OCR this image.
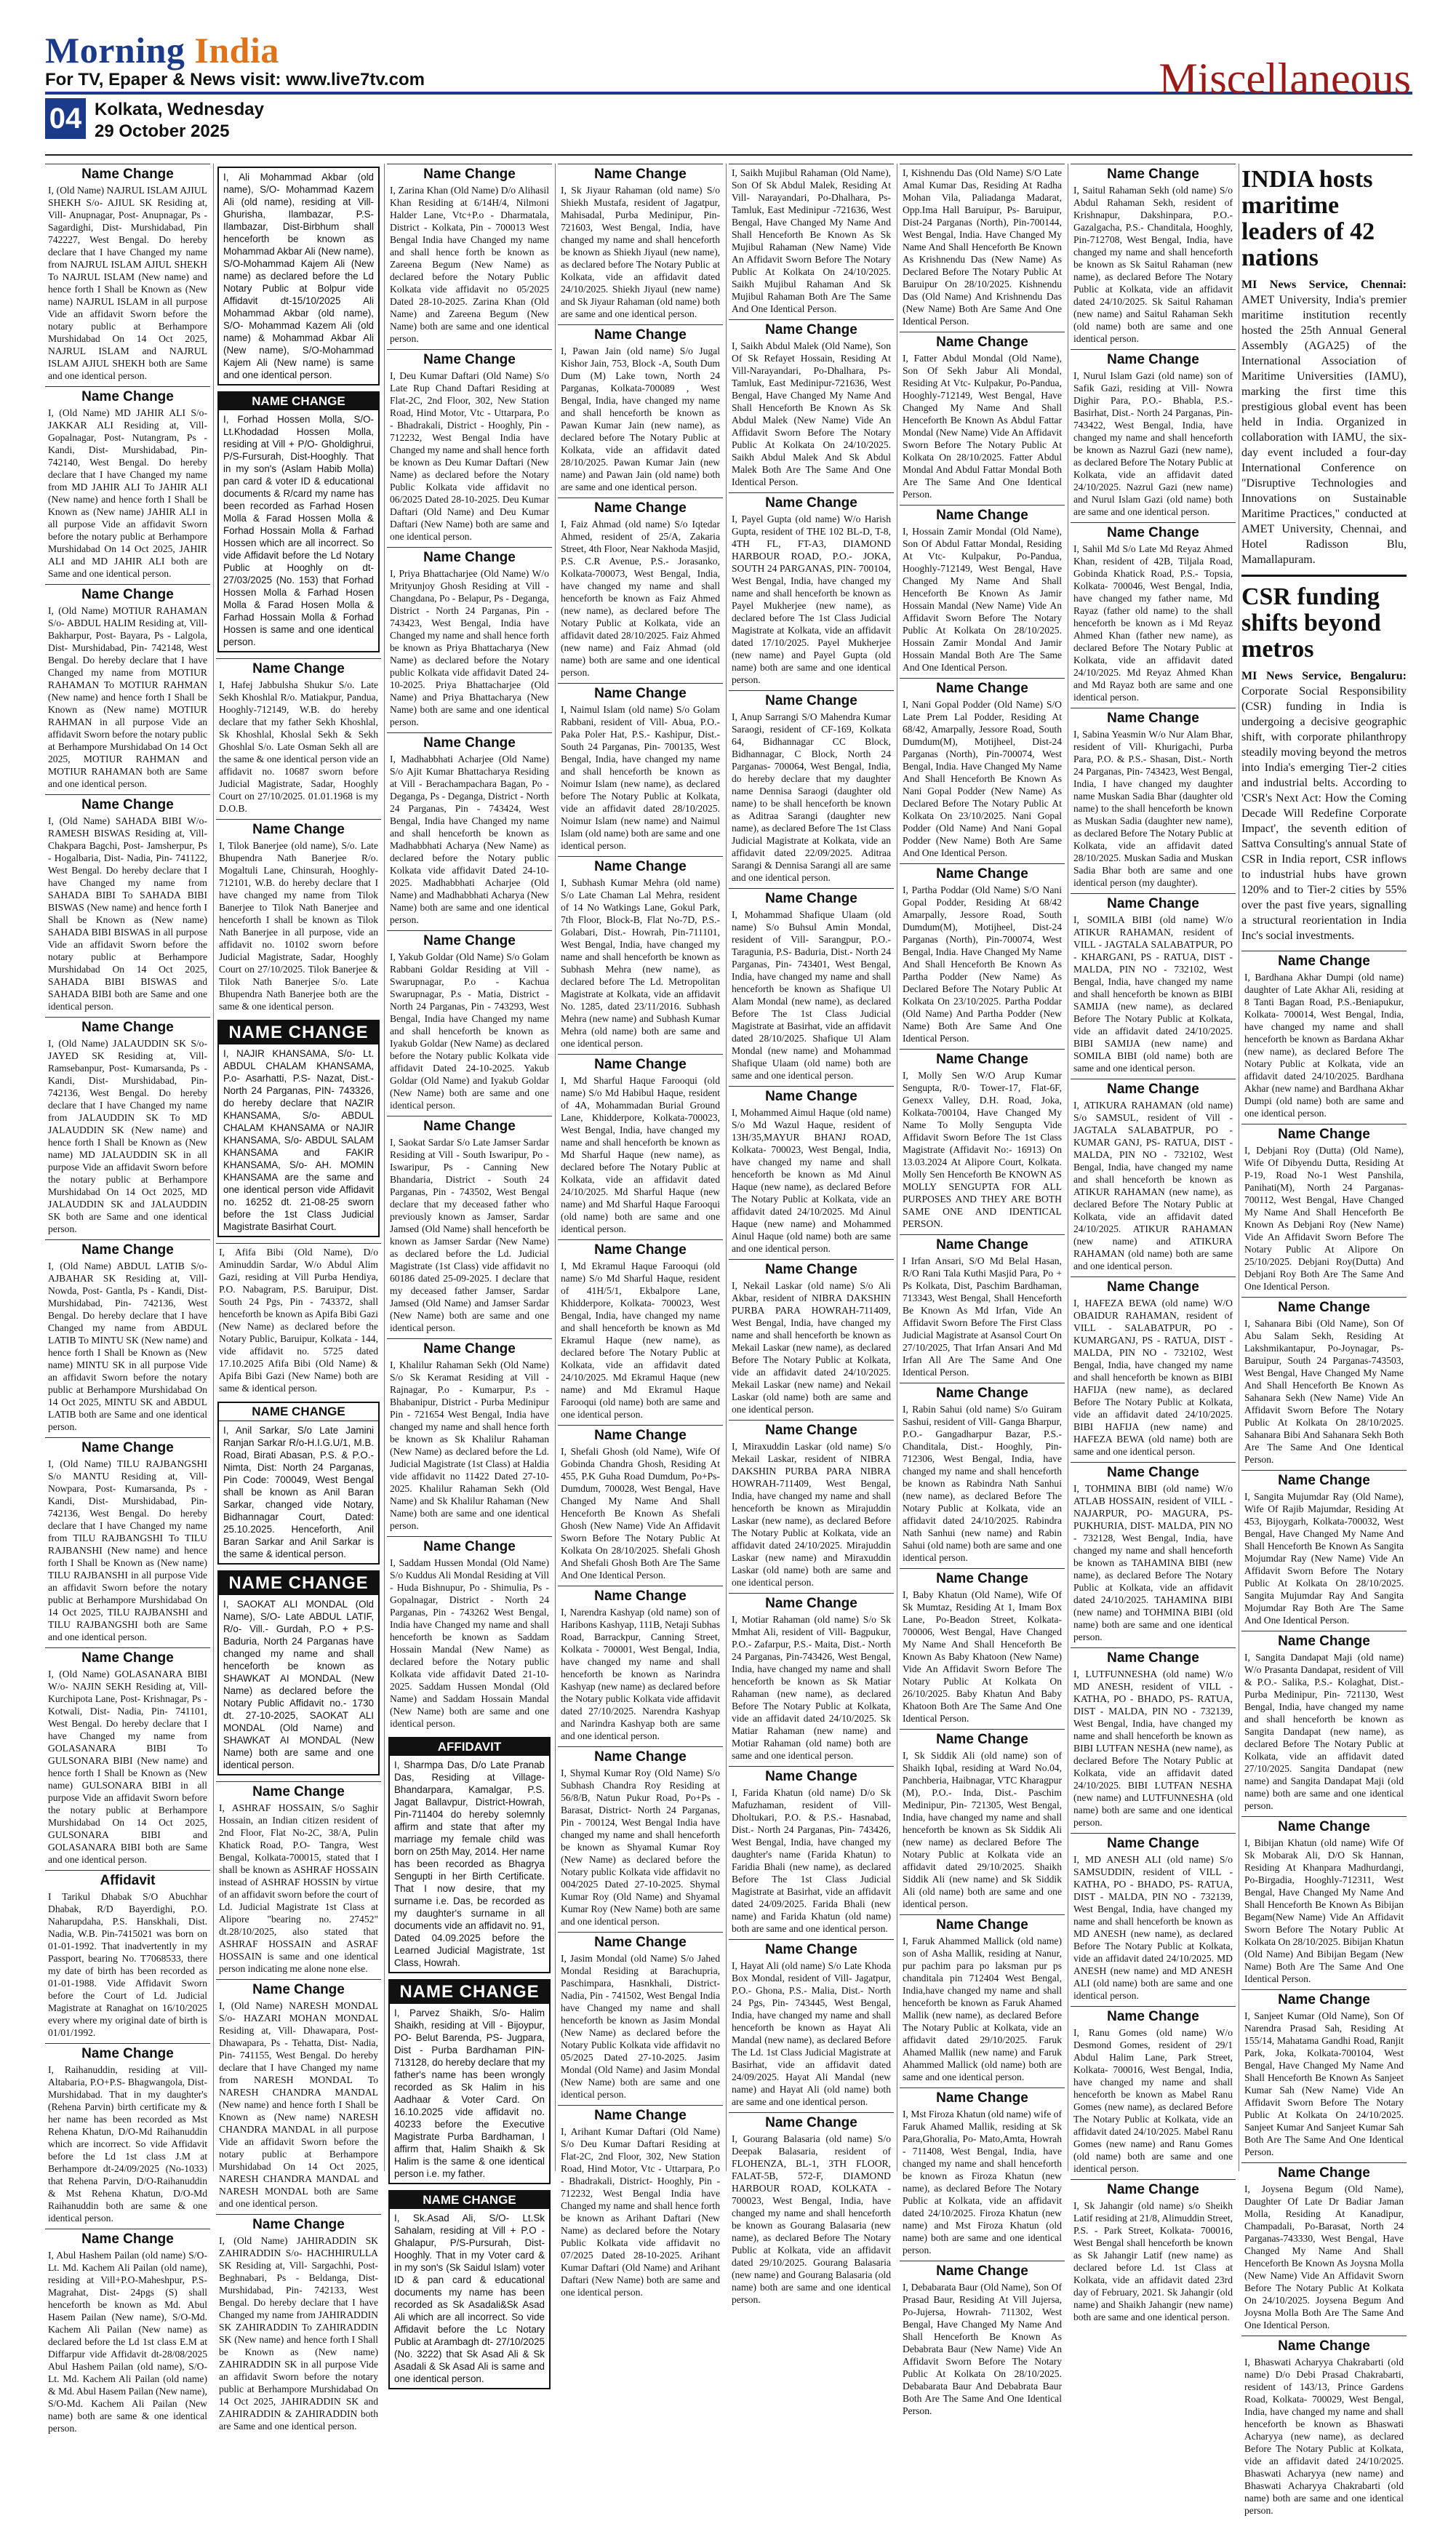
Morning India
For TV, Epaper & News visit: www.live7tv.com
04 Kolkata, Wednesday
29 October 2025
Miscellaneous
Name Change

I, (Old Name) NAJRUL ISLAM AJIUL SHEKH S/o- AJIUL SK Residing at, Vill- Anupnagar, Post- Anupnagar, Ps - Sagardighi, Dist- Murshidabad, Pin 742227, West Bengal. Do hereby declare that I have Changed my name from NAJRUL ISLAM AJIUL SHEKH To NAJRUL ISLAM (New name) and hence forth I Shall be Known as (New name) NAJRUL ISLAM in all purpose Vide an affidavit Sworn before the notary public at Berhampore Murshidabad On 14 Oct 2025, NAJRUL ISLAM and NAJRUL ISLAM AJIUL SHEKH both are Same and one identical person.

Name Change

I, (Old Name) MD JAHIR ALI S/o- JAKKAR ALI Residing at, Vill- Gopalnagar, Post- Nutangram, Ps - Kandi, Dist- Murshidabad, Pin- 742140, West Bengal. Do hereby declare that I have Changed my name from MD JAHIR ALI To JAHIR ALI (New name) and hence forth I Shall be Known as (New name) JAHIR ALI in all purpose Vide an affidavit Sworn before the notary public at Berhampore Murshidabad On 14 Oct 2025, JAHIR ALI and MD JAHIR ALI both are Same and one identical person.

Name Change

I, (Old Name) MOTIUR RAHAMAN S/o- ABDUL HALIM Residing at, Vill- Bakharpur, Post- Bayara, Ps - Lalgola, Dist- Murshidabad, Pin- 742148, West Bengal. Do hereby declare that I have Changed my name from MOTIUR RAHAMAN To MOTIUR RAHMAN (New name) and hence forth I Shall be Known as (New name) MOTIUR RAHMAN in all purpose Vide an affidavit Sworn before the notary public at Berhampore Murshidabad On 14 Oct 2025, MOTIUR RAHMAN and MOTIUR RAHAMAN both are Same and one identical person.

Name Change

I, (Old Name) SAHADA BIBI W/o- RAMESH BISWAS Residing at, Vill- Chakpara Bagchi, Post- Jamsherpur, Ps - Hogalbaria, Dist- Nadia, Pin- 741122, West Bengal. Do hereby declare that I have Changed my name from SAHADA BIBI To SAHADA BIBI BISWAS (New name) and hence forth I Shall be Known as (New name) SAHADA BIBI BISWAS in all purpose Vide an affidavit Sworn before the notary public at Berhampore Murshidabad On 14 Oct 2025, SAHADA BIBI BISWAS and SAHADA BIBI both are Same and one identical person.

Name Change

I, (Old Name) JALAUDDIN SK S/o- JAYED SK Residing at, Vill- Ramsebanpur, Post- Kumarsanda, Ps - Kandi, Dist- Murshidabad, Pin- 742136, West Bengal. Do hereby declare that I have Changed my name from JALAUDDIN SK To MD JALAUDDIN SK (New name) and hence forth I Shall be Known as (New name) MD JALAUDDIN SK in all purpose Vide an affidavit Sworn before the notary public at Berhampore Murshidabad On 14 Oct 2025, MD JALAUDDIN SK and JALAUDDIN SK both are Same and one identical person.

Name Change

I, (Old Name) ABDUL LATIB S/o- AJBAHAR SK Residing at, Vill- Nowda, Post- Gantla, Ps - Kandi, Dist- Murshidabad, Pin- 742136, West Bengal. Do hereby declare that I have Changed my name from ABDUL LATIB To MINTU SK (New name) and hence forth I Shall be Known as (New name) MINTU SK in all purpose Vide an affidavit Sworn before the notary public at Berhampore Murshidabad On 14 Oct 2025, MINTU SK and ABDUL LATIB both are Same and one identical person.

Name Change

I, (Old Name) TILU RAJBANGSHI S/o MANTU Residing at, Vill- Nowpara, Post- Kumarsanda, Ps - Kandi, Dist- Murshidabad, Pin- 742136, West Bengal. Do hereby declare that I have Changed my name from TILU RAJBANGSHI To TILU RAJBANSHI (New name) and hence forth I Shall be Known as (New name) TILU RAJBANSHI in all purpose Vide an affidavit Sworn before the notary public at Berhampore Murshidabad On 14 Oct 2025, TILU RAJBANSHI and TILU RAJBANGSHI both are Same and one identical person.

Name Change

I, (Old Name) GOLASANARA BIBI W/o- NAJIN SEKH Residing at, Vill- Kurchipota Lane, Post- Krishnagar, Ps - Kotwali, Dist- Nadia, Pin- 741101, West Bengal. Do hereby declare that I have Changed my name from GOLASANARA BIBI To GULSONARA BIBI (New name) and hence forth I Shall be Known as (New name) GULSONARA BIBI in all purpose Vide an affidavit Sworn before the notary public at Berhampore Murshidabad On 14 Oct 2025, GULSONARA BIBI and GOLASANARA BIBI both are Same and one identical person.

Affidavit

I Tarikul Dhabak S/O Abuchhar Dhabak, R/D Bayerdighi, P.O. Naharupdaha, P.S. Hanskhali, Dist. Nadia, W.B. Pin-7415021 was born on 01-01-1992. That inadvertently in my Passport, bearing No. T7068533, there my date of birth has been recorded as 01-01-1988. Vide Affidavit Sworn before the Court of Ld. Judicial Magistrate at Ranaghat on 16/10/2025 every where my original date of birth is 01/01/1992.

Name Change

I, Raihanuddin, residing at Vill- Altabaria, P.O+P.S- Bhagwangola, Dist-Murshidabad. That in my daughter's (Rehena Parvin) birth certificate my & her name has been recorded as Mst Rehena Khatun, D/O-Md Raihanuddin which are incorrect. So vide Affidavit before the Ld 1st class J.M at Berhampore dt-24/09/2025 (No-1033) that Rehena Parvin, D/O-Raihanuddin & Mst Rehena Khatun, D/O-Md Raihanuddin both are same & one identical person.

Name Change

I, Abul Hashem Pailan (old name) S/O-Lt. Md. Kachem Ali Pailan (old name), residing at Vill+P.O-Maheshpur, P.S-Magrahat, Dist- 24pgs (S) shall henceforth be known as Md. Abul Hasem Pailan (New name), S/O-Md. Kachem Ali Pailan (New name) as declared before the Ld 1st class E.M at Diffarpur vide Affidavit dt-28/08/2025 Abul Hashem Pailan (old name), S/O-Lt. Md. Kachem Ali Pailan (old name) & Md. Abul Hasem Pailan (New name), S/O-Md. Kachem Ali Pailan (New name) both are same & one identical person.

I, Ali Mohammad Akbar (old name), S/O- Mohammad Kazem Ali (old name), residing at Vill-Ghurisha, Ilambazar, P.S-Ilambazar, Dist-Birbhum shall henceforth be known as Mohammad Akbar Ali (New name), S/O-Mohammad Kajem Ali (New name) as declared before the Ld Notary Public at Bolpur vide Affidavit dt-15/10/2025 Ali Mohammad Akbar (old name), S/O- Mohammad Kazem Ali (old name) & Mohammad Akbar Ali (New name), S/O-Mohammad Kajem Ali (New name) is same and one identical person.
NAME CHANGE
I, Forhad Hossen Molla, S/O- Lt.Khodadad Hossen Molla, residing at Vill + P/O- Gholdighrui, P/S-Fursurah, Dist-Hooghly. That in my son's (Aslam Habib Molla) pan card & voter ID & educational documents & R/card my name has been recorded as Farhad Hosen Molla & Farad Hossen Molla & Forhad Hossain Molla & Farhad Hossen which are all incorrect. So vide Affidavit before the Ld Notary Public at Hooghly on dt-27/03/2025 (No. 153) that Forhad Hossen Molla & Farhad Hosen Molla & Farad Hosen Molla & Farhad Hossain Molla & Forhad Hossen is same and one identical person.
Name Change

I, Hafej Jabbulsha Shukur S/o. Late Sekh Khoshlal R/o. Matiakpur, Pandua, Hooghly-712149, W.B. do hereby declare that my father Sekh Khoshlal, Sk Khoshlal, Khoslal Sekh & Sekh Ghoshlal S/o. Late Osman Sekh all are the same & one identical person vide an affidavit no. 10687 sworn before Judicial Magistrate, Sadar, Hooghly Court on 27/10/2025. 01.01.1968 is my D.O.B.

Name Change

I, Tilok Banerjee (old name), S/o. Late Bhupendra Nath Banerjee R/o. Mogaltuli Lane, Chinsurah, Hooghly-712101, W.B. do hereby declare that I have changed my name from Tilok Banerjee to Tilok Nath Banerjee and henceforth I shall be known as Tilok Nath Banerjee in all purpose, vide an affidavit no. 10102 sworn before Judicial Magistrate, Sadar, Hooghly Court on 27/10/2025. Tilok Banerjee & Tilok Nath Banerjee S/o. Late Bhupendra Nath Banerjee both are the same & one identical person.

NAME CHANGE
I, NAJIR KHANSAMA, S/o- Lt. ABDUL CHALAM KHANSAMA, P.o- Asarhatti, P.S- Nazat, Dist.- North 24 Parganas, PIN- 743326, do hereby declare that NAZIR KHANSAMA, S/o- ABDUL CHALAM KHANSAMA or NAJIR KHANSAMA, S/o- ABDUL SALAM KHANSAMA and FAKIR KHANSAMA, S/o- AH. MOMIN KHANSAMA are the same and one identical person vide Affidavit no. 16252 dt. 21-08-25 sworn before the 1st Class Judicial Magistrate Basirhat Court.

I, Afifa Bibi (Old Name), D/o Aminuddin Sardar, W/o Abdul Alim Gazi, residing at Vill Purba Hendiya, P.O. Nabagram, P.S. Baruipur, Dist. South 24 Pgs, Pin - 743372, shall henceforth be known as Apifa Bibi Gazi (New Name) as declared before the Notary Public, Baruipur, Kolkata - 144, vide affidavit no. 5725 dated 17.10.2025 Afifa Bibi (Old Name) & Apifa Bibi Gazi (New Name) both are same & identical person.

NAME CHANGE
I, Anil Sarkar, S/o Late Jamini Ranjan Sarkar R/o-H.I.G.U/1, M.B. Road, Birati Abasan, P.S. & P.O.-Nimta, Dist: North 24 Parganas, Pin Code: 700049, West Bengal shall be known as Anil Baran Sarkar, changed vide Notary, Bidhannagar Court, Dated: 25.10.2025. Henceforth, Anil Baran Sarkar and Anil Sarkar is the same & identical person.
NAME CHANGE
I, SAOKAT ALI MONDAL (Old Name), S/O- Late ABDUL LATIF, R/o- Vill.- Gurdah, P.O + P.S- Baduria, North 24 Parganas have changed my name and shall henceforth be known as SHAWKAT AI MONDAL (New Name) as declared before the Notary Public Affidavit no.- 1730 dt. 27-10-2025, SAOKAT ALI MONDAL (Old Name) and SHAWKAT AI MONDAL (New Name) both are same and one identical person.
Name Change

I, ASHRAF HOSSAIN, S/o Saghir Hossain, an Indian citizen resident of 2nd Floor, Flat No-2C, 38/A, Pulin Khatick Road, P.O- Tangra, West Bengal, Kolkata-700015, stated that I shall be known as ASHRAF HOSSAIN instead of ASHRAF HOSSIN by virtue of an affidavit sworn before the court of Ld. Judicial Magistrate 1st Class at Alipore "bearing no. 27452" dt.28/10/2025, also stated that ASHRAF HOSSAIN and ASRAF HOSSAIN is same and one identical person indicating me alone none else.

Name Change

I, (Old Name) NARESH MONDAL S/o- HAZARI MOHAN MONDAL Residing at, Vill- Dhawapara, Post- Dhawapara, Ps - Tehatta, Dist- Nadia, Pin- 741155, West Bengal. Do hereby declare that I have Changed my name from NARESH MONDAL To NARESH CHANDRA MANDAL (New name) and hence forth I Shall be Known as (New name) NARESH CHANDRA MANDAL in all purpose Vide an affidavit Sworn before the notary public at Berhampore Murshidabad On 14 Oct 2025, NARESH CHANDRA MANDAL and NARESH MONDAL both are Same and one identical person.

Name Change

I, (Old Name) JAHIRADDIN SK ZAHIRADDIN S/o- HACHHIRULLA SK Residing at, Vill- Sargachhi, Post- Beghnabari, Ps - Beldanga, Dist- Murshidabad, Pin- 742133, West Bengal. Do hereby declare that I have Changed my name from JAHIRADDIN SK ZAHIRADDIN To ZAHIRADDIN SK (New name) and hence forth I Shall be Known as (New name) ZAHIRADDIN SK in all purpose Vide an affidavit Sworn before the notary public at Berhampore Murshidabad On 14 Oct 2025, JAHIRADDIN SK and ZAHIRADDIN & ZAHIRADDIN both are Same and one identical person.

Name Change

I, Zarina Khan (Old Name) D/o Alihasil Khan Residing at 6/14H/4, Nilmoni Halder Lane, Vtc+P.o - Dharmatala, District - Kolkata, Pin - 700013 West Bengal India have Changed my name and shall hence forth be known as Zareena Begum (New Name) as declared before the Notary Public Kolkata vide affidavit no 05/2025 Dated 28-10-2025. Zarina Khan (Old Name) and Zareena Begum (New Name) both are same and one identical person.

Name Change

I, Deu Kumar Daftari (Old Name) S/o Late Rup Chand Daftari Residing at Flat-2C, 2nd Floor, 302, New Station Road, Hind Motor, Vtc - Uttarpara, P.o - Bhadrakali, District - Hooghly, Pin - 712232, West Bengal India have Changed my name and shall hence forth be known as Deu Kumar Daftari (New Name) as declared before the Notary Public Kolkata vide affidavit no 06/2025 Dated 28-10-2025. Deu Kumar Daftari (Old Name) and Deu Kumar Daftari (New Name) both are same and one identical person.

Name Change

I, Priya Bhattacharjee (Old Name) W/o Mrityunjoy Ghosh Residing at Vill - Changdana, Po - Belapur, Ps - Deganga, District - North 24 Parganas, Pin - 743423, West Bengal, India have Changed my name and shall hence forth be known as Priya Bhattacharya (New Name) as declared before the Notary public Kolkata vide affidavit Dated 24-10-2025. Priya Bhattacharjee (Old Name) and Priya Bhattacharya (New Name) both are same and one identical person.

Name Change

I, Madhabbhati Acharjee (Old Name) S/o Ajit Kumar Bhattacharya Residing at Vill - Berachampachara Bagan, Po - Deganga, Ps - Deganga, District - North 24 Parganas, Pin - 743424, West Bengal, India have Changed my name and shall henceforth be known as Madhabbhati Acharya (New Name) as declared before the Notary public Kolkata vide affidavit Dated 24-10-2025. Madhabbhati Acharjee (Old Name) and Madhabbhati Acharya (New Name) both are same and one identical person.

Name Change

I, Yakub Goldar (Old Name) S/o Golam Rabbani Goldar Residing at Vill - Swarupnagar, P.o - Kachua Swarupnagar, P.s - Matia, District - North 24 Parganas, Pin - 743293, West Bengal, India have Changed my name and shall henceforth be known as Iyakub Goldar (New Name) as declared before the Notary public Kolkata vide affidavit Dated 24-10-2025. Yakub Goldar (Old Name) and Iyakub Goldar (New Name) both are same and one identical person.

Name Change

I, Saokat Sardar S/o Late Jamser Sardar Residing at Vill - South Iswaripur, Po - Iswaripur, Ps - Canning New Bhandaria, District - South 24 Parganas, Pin - 743502, West Bengal declare that my deceased father who previously known as Jamser, Sardar Jamsed (Old Name) shall henceforth be known as Jamser Sardar (New Name) as declared before the Ld. Judicial Magistrate (1st Class) vide affidavit no 60186 dated 25-09-2025. I declare that my deceased father Jamser, Sardar Jamsed (Old Name) and Jamser Sardar (New Name) both are same and one identical person.

Name Change

I, Khalilur Rahaman Sekh (Old Name) S/o Sk Keramat Residing at Vill - Rajnagar, P.o - Kumarpur, P.s - Bhabanipur, District - Purba Medinipur Pin - 721654 West Bengal, India have changed my name and shall hence forth be known as Sk Khalilur Rahaman (New Name) as declared before the Ld. Judicial Magistrate (1st Class) at Haldia vide affidavit no 11422 Dated 27-10-2025. Khalilur Rahaman Sekh (Old Name) and Sk Khalilur Rahaman (New Name) both are same and one identical person.

Name Change

I, Saddam Hussen Mondal (Old Name) S/o Kuddus Ali Mondal Residing at Vill - Huda Bishnupur, Po - Shimulia, Ps - Gopalnagar, District - North 24 Parganas, Pin - 743262 West Bengal, India have Changed my name and shall henceforth be known as Saddam Hossain Mandal (New Name) as declared before the Notary public Kolkata vide affidavit Dated 21-10-2025. Saddam Hussen Mondal (Old Name) and Saddam Hossain Mandal (New Name) both are same and one identical person.

AFFIDAVIT
I, Sharmpa Das, D/o Late Pranab Das, Residing at Village- Bhandarpara, Kamalgar, P.S. Jagat Ballavpur, District-Howrah, Pin-711404 do hereby solemnly affirm and state that after my marriage my female child was born on 25th May, 2014. Her name has been recorded as Bhagrya Sengupti in her Birth Certificate. That I now desire, that my surname i.e. Das, be recorded as my daughter's surname in all documents vide an affidavit no. 91, Dated 04.09.2025 before the Learned Judicial Magistrate, 1st Class, Howrah.
NAME CHANGE
I, Parvez Shaikh, S/o- Halim Shaikh, residing at Vill - Bijoypur, PO- Belut Barenda, PS- Jugpara, Dist - Purba Bardhaman PIN- 713128, do hereby declare that my father's name has been wrongly recorded as Sk Halim in his Aadhaar & Voter Card. On 16.10.2025 vide affidavit no. 40233 before the Executive Magistrate Purba Bardhaman, I affirm that, Halim Shaikh & Sk Halim is the same & one identical person i.e. my father.
NAME CHANGE
I, Sk.Asad Ali, S/O- Lt.Sk Sahalam, residing at Vill + P.O - Ghalapur, P/S-Pursurah, Dist-Hooghly. That in my Voter card & in my son's (Sk Saidul Islam) voter ID & pan card & educational documents my name has been recorded as Sk Asadali&Sk Asad Ali which are all incorrect. So vide Affidavit before the Lc Notary Public at Arambagh dt- 27/10/2025 (No. 3222) that Sk Asad Ali & Sk Asadali & Sk Asad Ali is same and one identical person.
Name Change

I, Sk Jiyaur Rahaman (old name) S/o Shiekh Mustafa, resident of Jagatpur, Mahisadal, Purba Medinipur, Pin-721603, West Bengal, India, have changed my name and shall henceforth be known as Shiekh Jiyaul (new name), as declared before The Notary Public at Kolkata, vide an affidavit dated 24/10/2025. Shiekh Jiyaul (new name) and Sk Jiyaur Rahaman (old name) both are same and one identical person.

Name Change

I, Pawan Jain (old name) S/o Jugal Kishor Jain, 753, Block -A, South Dum Dum (M) Lake town, North 24 Parganas, Kolkata-700089 , West Bengal, India, have changed my name and shall henceforth be known as Pawan Kumar Jain (new name), as declared before The Notary Public at Kolkata, vide an affidavit dated 28/10/2025. Pawan Kumar Jain (new name) and Pawan Jain (old name) both are same and one identical person.

Name Change

I, Faiz Ahmad (old name) S/o Iqtedar Ahmed, resident of 25/A, Zakaria Street, 4th Floor, Near Nakhoda Masjid, P.S. C.R Avenue, P.S.- Jorasanko, Kolkata-700073, West Bengal, India, have changed my name and shall henceforth be known as Faiz Ahmed (new name), as declared before The Notary Public at Kolkata, vide an affidavit dated 28/10/2025. Faiz Ahmed (new name) and Faiz Ahmad (old name) both are same and one identical person.

Name Change

I, Naimul Islam (old name) S/o Golam Rabbani, resident of Vill- Abua, P.O.- Paka Poler Hat, P.S.- Kashipur, Dist.- South 24 Parganas, Pin- 700135, West Bengal, India, have changed my name and shall henceforth be known as Noimur Islam (new name), as declared before The Notary Public at Kolkata, vide an affidavit dated 28/10/2025. Noimur Islam (new name) and Naimul Islam (old name) both are same and one identical person.

Name Change

I, Subhash Kumar Mehra (old name) S/o Late Chaman Lal Mehra, resident of 14 No Watkings Lane, Gokul Park, 7th Floor, Block-B, Flat No-7D, P.S.- Golabari, Dist.- Howrah, Pin-711101, West Bengal, India, have changed my name and shall henceforth be known as Subhash Mehra (new name), as declared before The Ld. Metropolitan Magistrate at Kolkata, vide an affidavit No. 1285, dated 23/11/2016. Subhash Mehra (new name) and Subhash Kumar Mehra (old name) both are same and one identical person.

Name Change

I, Md Sharful Haque Farooqui (old name) S/o Md Habibul Haque, resident of 4A, Mohammadan Burial Ground Lane, Khidderpore, Kolkata-700023, West Bengal, India, have changed my name and shall henceforth be known as Md Sharful Haque (new name), as declared before The Notary Public at Kolkata, vide an affidavit dated 24/10/2025. Md Sharful Haque (new name) and Md Sharful Haque Farooqui (old name) both are same and one identical person.

Name Change

I, Md Ekramul Haque Farooqui (old name) S/o Md Sharful Haque, resident of 41H/5/1, Ekbalpore Lane, Khidderpore, Kolkata- 700023, West Bengal, India, have changed my name and shall henceforth be known as Md Ekramul Haque (new name), as declared before The Notary Public at Kolkata, vide an affidavit dated 24/10/2025. Md Ekramul Haque (new name) and Md Ekramul Haque Farooqui (old name) both are same and one identical person.

Name Change

I, Shefali Ghosh (old Name), Wife Of Gobinda Chandra Ghosh, Residing At 455, P.K Guha Road Dumdum, Po+Ps- Dumdum, 700028, West Bengal, Have Changed My Name And Shall Henceforth Be Known As Shefali Ghosh (New Name) Vide An Affidavit Sworn Before The Notary Public At Kolkata On 28/10/2025. Shefali Ghosh And Shefali Ghosh Both Are The Same And One Identical Person.

Name Change

I, Narendra Kashyap (old name) son of Haribons Kashyap, 111B, Netaji Subhas Road, Barrackpur, Canning Street, Kolkata - 700001, West Bengal, India, have changed my name and shall henceforth be known as Narindra Kashyap (new name) as declared before the Notary public Kolkata vide affidavit dated 27/10/2025. Narendra Kashyap and Narindra Kashyap both are same and one identical person.

Name Change

I, Shymal Kumar Roy (Old Name) S/o Subhash Chandra Roy Residing at 56/8/B, Natun Pukur Road, Po+Ps - Barasat, District- North 24 Parganas, Pin - 700124, West Bengal India have changed my name and shall henceforth be known as Shyamal Kumar Roy (New Name) as declared before the Notary public Kolkata vide affidavit no 004/2025 Dated 27-10-2025. Shymal Kumar Roy (Old Name) and Shyamal Kumar Roy (New Name) both are same and one identical person.

Name Change

I, Jasim Mondal (old Name) S/o Jahed Mondal Residing at Barachupria, Paschimpara, Hasnkhali, District- Nadia, Pin - 741502, West Bengal India have Changed my name and shall henceforth be known as Jasim Mondal (New Name) as declared before the Notary Public Kolkata vide affidavit no 05/2025 Dated 27-10-2025. Jasim Mondal (Old Name) and Jasim Mondal (New Name) both are same and one identical person.

Name Change

I, Arihant Kumar Daftari (Old Name) S/o Deu Kumar Daftari Residing at Flat-2C, 2nd Floor, 302, New Station Road, Hind Motor, Vtc - Uttarpara, P.o - Bhadrakali, District- Hooghly, Pin - 712232, West Bengal India have Changed my name and shall hence forth be known as Arihant Daftari (New Name) as declared before the Notary Public Kolkata vide affidavit no 07/2025 Dated 28-10-2025. Arihant Kumar Daftari (Old Name) and Arihant Daftari (New Name) both are same and one identical person.

I, Saikh Mujibul Rahaman (Old Name), Son Of Sk Abdul Malek, Residing At Vill- Narayandari, Po-Dhalhara, Ps-Tamluk, East Medinipur -721636, West Bengal, Have Changed My Name And Shall Henceforth Be Known As Sk Mujibul Rahaman (New Name) Vide An Affidavit Sworn Before The Notary Public At Kolkata On 24/10/2025. Saikh Mujibul Rahaman And Sk Mujibul Rahaman Both Are The Same And One Identical Person.

Name Change

I, Saikh Abdul Malek (Old Name), Son Of Sk Refayet Hossain, Residing At Vill-Narayandari, Po-Dhalhara, Ps-Tamluk, East Medinipur-721636, West Bengal, Have Changed My Name And Shall Henceforth Be Known As Sk Abdul Malek (New Name) Vide An Affidavit Sworn Before The Notary Public At Kolkata On 24/10/2025. Saikh Abdul Malek And Sk Abdul Malek Both Are The Same And One Identical Person.

Name Change

I, Payel Gupta (old name) W/o Harish Gupta, resident of THE 102 BL-D, T-8, 4TH FL, FT-A3, DIAMOND HARBOUR ROAD, P.O.- JOKA, SOUTH 24 PARGANAS, PIN- 700104, West Bengal, India, have changed my name and shall henceforth be known as Payel Mukherjee (new name), as declared before The 1st Class Judicial Magistrate at Kolkata, vide an affidavit dated 17/10/2025. Payel Mukherjee (new name) and Payel Gupta (old name) both are same and one identical person.

Name Change

I, Anup Sarrangi S/O Mahendra Kumar Saraogi, resident of CF-169, Kolkata 64, Bidhannagar CC Block, Bidhannagar, C Block, North 24 Parganas- 700064, West Bengal, India, do hereby declare that my daughter name Dennisa Saraogi (daughter old name) to be shall henceforth be known as Aditraa Sarangi (daughter new name), as declared Before The 1st Class Judicial Magistrate at Kolkata, vide an affidavit dated 22/09/2025. Aditraa Sarangi & Dennisa Sarangi all are same and one identical person.

Name Change

I, Mohammad Shafique Ulaam (old name) S/o Buhsul Amin Mondal, resident of Vill- Sarangpur, P.O.- Taragunia, P.S- Baduria, Dist.- North 24 Parganas, Pin- 743401, West Bengal, India, have changed my name and shall henceforth be known as Shafique Ul Alam Mondal (new name), as declared Before The 1st Class Judicial Magistrate at Basirhat, vide an affidavit dated 28/10/2025. Shafique Ul Alam Mondal (new name) and Mohammad Shafique Ulaam (old name) both are same and one identical person.

Name Change

I, Mohammed Aimul Haque (old name) S/o Md Wazul Haque, resident of 13H/35,MAYUR BHANJ ROAD, Kolkata- 700023, West Bengal, India, have changed my name and shall henceforth be known as Md Ainul Haque (new name), as declared Before The Notary Public at Kolkata, vide an affidavit dated 24/10/2025. Md Ainul Haque (new name) and Mohammed Ainul Haque (old name) both are same and one identical person.

Name Change

I, Nekail Laskar (old name) S/o Ali Akbar, resident of NIBRA DAKSHIN PURBA PARA HOWRAH-711409, West Bengal, India, have changed my name and shall henceforth be known as Mekail Laskar (new name), as declared Before The Notary Public at Kolkata, vide an affidavit dated 24/10/2025. Mekail Laskar (new name) and Nekail Laskar (old name) both are same and one identical person.

Name Change

I, Miraxuddin Laskar (old name) S/o Mekail Laskar, resident of NIBRA DAKSHIN PURBA PARA NIBRA HOWRAH-711409, West Bengal, India, have changed my name and shall henceforth be known as Mirajuddin Laskar (new name), as declared Before The Notary Public at Kolkata, vide an affidavit dated 24/10/2025. Mirajuddin Laskar (new name) and Miraxuddin Laskar (old name) both are same and one identical person.

Name Change

I, Motiar Rahaman (old name) S/o Sk Mmhat Ali, resident of Vill- Bagpukur, P.O.- Zafarpur, P.S.- Maita, Dist.- North 24 Parganas, Pin-743426, West Bengal, India, have changed my name and shall henceforth be known as Sk Matiar Rahaman (new name), as declared Before The Notary Public at Kolkata, vide an affidavit dated 24/10/2025. Sk Matiar Rahaman (new name) and Motiar Rahaman (old name) both are same and one identical person.

Name Change

I, Farida Khatun (old name) D/o Sk Mafuzhaman, resident of Vill- Dholtukari, P.O. & P.S.- Hasnabad, Dist.- North 24 Parganas, Pin- 743426, West Bengal, India, have changed my daughter's name (Farida Khatun) to Faridia Bhali (new name), as declared Before The 1st Class Judicial Magistrate at Basirhat, vide an affidavit dated 24/09/2025. Farida Bhali (new name) and Farida Khatun (old name) both are same and one identical person.

Name Change

I, Hayat Ali (old name) S/o Late Khoda Box Mondal, resident of Vill- Jagatpur, P.O.- Ghona, P.S.- Malia, Dist.- North 24 Pgs, Pin- 743445, West Bengal, India, have changed my name and shall henceforth be known as Hayat Ali Mandal (new name), as declared Before The Ld. 1st Class Judicial Magistrate at Basirhat, vide an affidavit dated 24/09/2025. Hayat Ali Mandal (new name) and Hayat Ali (old name) both are same and one identical person.

Name Change

I, Gourang Balasaria (old name) S/o Deepak Balasaria, resident of FLOHENZA, BL-1, 3TH FLOOR, FALAT-5B, 572-F, DIAMOND HARBOUR ROAD, KOLKATA - 700023, West Bengal, India, have changed my name and shall henceforth be known as Gourang Balasaria (new name), as declared Before The Notary Public at Kolkata, vide an affidavit dated 29/10/2025. Gourang Balasaria (new name) and Gourang Balasaria (old name) both are same and one identical person.

I, Kishnendu Das (Old Name) S/O Late Amal Kumar Das, Residing At Radha Mohan Vila, Paliadanga Madarat, Opp.Ima Hall Baruipur, Ps- Baruipur, Dist-24 Parganas (North), Pin-700144, West Bengal, India. Have Changed My Name And Shall Henceforth Be Known As Krishnendu Das (New Name) As Declared Before The Notary Public At Baruipur On 28/10/2025. Kishnendu Das (Old Name) And Krishnendu Das (New Name) Both Are Same And One Identical Person.

Name Change

I, Fatter Abdul Mondal (Old Name), Son Of Sekh Jabur Ali Mondal, Residing At Vtc- Kulpakur, Po-Pandua, Hooghly-712149, West Bengal, Have Changed My Name And Shall Henceforth Be Known As Abdul Fattar Mondal (New Name) Vide An Affidavit Sworn Before The Notary Public At Kolkata On 28/10/2025. Fatter Abdul Mondal And Abdul Fattar Mondal Both Are The Same And One Identical Person.

Name Change

I, Hossain Zamir Mondal (Old Name), Son Of Abdul Fattar Mondal, Residing At Vtc- Kulpakur, Po-Pandua, Hooghly-712149, West Bengal, Have Changed My Name And Shall Henceforth Be Known As Jamir Hossain Mandal (New Name) Vide An Affidavit Sworn Before The Notary Public At Kolkata On 28/10/2025. Hossain Zamir Mondal And Jamir Hossain Mandal Both Are The Same And One Identical Person.

Name Change

I, Nani Gopal Podder (Old Name) S/O Late Prem Lal Podder, Residing At 68/42, Amarpally, Jessore Road, South Dumdum(M), Motijheel, Dist-24 Parganas (North), Pin-700074, West Bengal, India. Have Changed My Name And Shall Henceforth Be Known As Nani Gopal Podder (New Name) As Declared Before The Notary Public At Kolkata On 23/10/2025. Nani Gopal Podder (Old Name) And Nani Gopal Podder (New Name) Both Are Same And One Identical Person.

Name Change

I, Partha Poddar (Old Name) S/O Nani Gopal Podder, Residing At 68/42 Amarpally, Jessore Road, South Dumdum(M), Motijheel, Dist-24 Parganas (North), Pin-700074, West Bengal, India. Have Changed My Name And Shall Henceforth Be Known As Partha Podder (New Name) As Declared Before The Notary Public At Kolkata On 23/10/2025. Partha Poddar (Old Name) And Partha Podder (New Name) Both Are Same And One Identical Person.

Name Change

I, Molly Sen W/O Arup Kumar Sengupta, R/0- Tower-17, Flat-6F, Genexx Valley, D.H. Road, Joka, Kolkata-700104, Have Changed My Name To Molly Sengupta Vide Affidavit Sworn Before The 1st Class Magistrate (Affidavit No:- 16913) On 13.03.2024 At Alipore Court, Kolkata. Molly Sen Henceforth Be KNOWN AS MOLLY SENGUPTA FOR ALL PURPOSES AND THEY ARE BOTH SAME ONE AND IDENTICAL PERSON.

Name Change

I Irfan Ansari, S/O Md Belal Hasan, R/O Rani Tala Kuthi Masjid Para, Po + Ps Kolkata, Dist, Paschim Bardhaman, 713343, West Bengal, Shall Henceforth Be Known As Md Irfan, Vide An Affidavit Sworn Before The First Class Judicial Magistrate at Asansol Court On 27/10/2025, That Irfan Ansari And Md Irfan All Are The Same And One Identical Person.

Name Change

I, Rabin Sahui (old name) S/o Guiram Sashui, resident of Vill- Ganga Bharpur, P.O.- Gangadharpur Bazar, P.S.- Chanditala, Dist.- Hooghly, Pin- 712306, West Bengal, India, have changed my name and shall henceforth be known as Rabindra Nath Sanhui (new name), as declared Before The Notary Public at Kolkata, vide an affidavit dated 24/10/2025. Rabindra Nath Sanhui (new name) and Rabin Sahui (old name) both are same and one identical person.

Name Change

I, Baby Khatun (Old Name), Wife Of Sk Mumtaz, Residing At 1, Imam Box Lane, Po-Beadon Street, Kolkata-700006, West Bengal, Have Changed My Name And Shall Henceforth Be Known As Baby Khatoon (New Name) Vide An Affidavit Sworn Before The Notary Public At Kolkata On 26/10/2025. Baby Khatun And Baby Khatoon Both Are The Same And One Identical Person.

Name Change

I, Sk Siddik Ali (old name) son of Shaikh Iqbal, residing at Ward No.04, Panchberia, Haibnagar, VTC Kharagpur (M), P.O.- Inda, Dist.- Paschim Medinipur, Pin- 721305, West Bengal, India, have changed my name and shall henceforth be known as Sk Siddik Ali (new name) as declared Before The Notary Public at Kolkata vide an affidavit dated 29/10/2025. Shaikh Siddik Ali (new name) and Sk Siddik Ali (old name) both are same and one identical person.

Name Change

I, Faruk Ahammed Mallick (old name) son of Asha Mallik, residing at Nanur, pur pachim para po laksman pur ps chanditala pin 712404 West Bengal, India,have changed my name and shall henceforth be known as Faruk Ahamed Mallik (new name), as declared Before The Notary Public at Kolkata, vide an affidavit dated 29/10/2025. Faruk Ahamed Mallik (new name) and Faruk Ahammed Mallick (old name) both are same and one identical person.

Name Change

I, Mst Firoza Khatun (old name) wife of Faruk Ahamed Mallik, residing at Sk Para,Ghoralia, Po- Mato,Amta, Howrah - 711408, West Bengal, India, have changed my name and shall henceforth be known as Firoza Khatun (new name), as declared Before The Notary Public at Kolkata, vide an affidavit dated 24/10/2025. Firoza Khatun (new name) and Mst Firoza Khatun (old name) both are same and one identical person.

Name Change

I, Debabarata Baur (Old Name), Son Of Prasad Baur, Residing At Vill Jujersa, Po-Jujersa, Howrah- 711302, West Bengal, Have Changed My Name And Shall Henceforth Be Known As Debabrata Baur (New Name) Vide An Affidavit Sworn Before The Notary Public At Kolkata On 28/10/2025. Debabarata Baur And Debabrata Baur Both Are The Same And One Identical Person.

Name Change

I, Saitul Rahaman Sekh (old name) S/o Abdul Rahaman Sekh, resident of Krishnapur, Dakshinpara, P.O.- Gazalgacha, P.S.- Chanditala, Hooghly, Pin-712708, West Bengal, India, have changed my name and shall henceforth be known as Sk Saitul Rahaman (new name), as declared Before The Notary Public at Kolkata, vide an affidavit dated 24/10/2025. Sk Saitul Rahaman (new name) and Saitul Rahaman Sekh (old name) both are same and one identical person.

Name Change

I, Nurul Islam Gazi (old name) son of Safik Gazi, residing at Vill- Nowra Dighir Para, P.O.- Bhabla, P.S.- Basirhat, Dist.- North 24 Parganas, Pin- 743422, West Bengal, India, have changed my name and shall henceforth be known as Nazrul Gazi (new name), as declared Before The Notary Public at Kolkata, vide an affidavit dated 24/10/2025. Nazrul Gazi (new name) and Nurul Islam Gazi (old name) both are same and one identical person.

Name Change

I, Sahil Md S/o Late Md Reyaz Ahmed Khan, resident of 42B, Tiljala Road, Gobinda Khatick Road, P.S.- Topsia, Kolkata- 700046, West Bengal, India, have changed my father name, Md Rayaz (father old name) to the shall henceforth be known as i Md Reyaz Ahmed Khan (father new name), as declared Before The Notary Public at Kolkata, vide an affidavit dated 24/10/2025. Md Reyaz Ahmed Khan and Md Rayaz both are same and one identical person.

Name Change

I, Sabina Yeasmin W/o Nur Alam Bhar, resident of Vill- Khurigachi, Purba Para, P.O. & P.S.- Shasan, Dist.- North 24 Parganas, Pin- 743423, West Bengal, India, I have changed my daughter name Muskan Sadia Bhar (daughter old name) to the shall henceforth be known as Muskan Sadia (daughter new name), as declared Before The Notary Public at Kolkata, vide an affidavit dated 28/10/2025. Muskan Sadia and Muskan Sadia Bhar both are same and one identical person (my daughter).

Name Change

I, SOMILA BIBI (old name) W/o ATIKUR RAHAMAN, resident of VILL - JAGTALA SALABATPUR, PO - KHARGANI, PS - RATUA, DIST - MALDA, PIN NO - 732102, West Bengal, India, have changed my name and shall henceforth be known as BIBI SAMIJA (new name), as declared Before The Notary Public at Kolkata, vide an affidavit dated 24/10/2025. BIBI SAMIJA (new name) and SOMILA BIBI (old name) both are same and one identical person.

Name Change

I, ATIKURA RAHAMAN (old name) S/o SAMSUL, resident of Vill - JAGTALA SALABATPUR, PO - KUMAR GANJ, PS- RATUA, DIST - MALDA, PIN NO - 732102, West Bengal, India, have changed my name and shall henceforth be known as ATIKUR RAHAMAN (new name), as declared Before The Notary Public at Kolkata, vide an affidavit dated 24/10/2025. ATIKUR RAHAMAN (new name) and ATIKURA RAHAMAN (old name) both are same and one identical person.

Name Change

I, HAFEZA BEWA (old name) W/O OBAIDUR RAHAMAN, resident of VILL - SALABATPUR, PO - KUMARGANJ, PS - RATUA, DIST - MALDA, PIN NO - 732102, West Bengal, India, have changed my name and shall henceforth be known as BIBI HAFIJA (new name), as declared Before The Notary Public at Kolkata, vide an affidavit dated 24/10/2025. BIBI HAFIJA (new name) and HAFEZA BEWA (old name) both are same and one identical person.

Name Change

I, TOHMINA BIBI (old name) W/o ATLAB HOSSAIN, resident of VILL - NAJARPUR, PO- MAGURA, PS- PUKHURIA, DIST- MALDA, PIN NO - 732128, West Bengal, India, have changed my name and shall henceforth be known as TAHAMINA BIBI (new name), as declared Before The Notary Public at Kolkata, vide an affidavit dated 24/10/2025. TAHAMINA BIBI (new name) and TOHMINA BIBI (old name) both are same and one identical person.

Name Change

I, LUTFUNNESHA (old name) W/o MD ANESH, resident of VILL - KATHA, PO - BHADO, PS- RATUA, DIST - MALDA, PIN NO - 732139, West Bengal, India, have changed my name and shall henceforth be known as BIBI LUTFAN NESHA (new name), as declared Before The Notary Public at Kolkata, vide an affidavit dated 24/10/2025. BIBI LUTFAN NESHA (new name) and LUTFUNNESHA (old name) both are same and one identical person.

Name Change

I, MD ANESH ALI (old name) S/o SAMSUDDIN, resident of VILL - KATHA, PO - BHADO, PS- RATUA, DIST - MALDA, PIN NO - 732139, West Bengal, India, have changed my name and shall henceforth be known as MD ANESH (new name), as declared Before The Notary Public at Kolkata, vide an affidavit dated 24/10/2025. MD ANESH (new name) and MD ANESH ALI (old name) both are same and one identical person.

Name Change

I, Ranu Gomes (old name) W/o Desmond Gomes, resident of 29/1 Abdul Halim Lane, Park Street, Kolkata- 700016, West Bengal, India, have changed my name and shall henceforth be known as Mabel Ranu Gomes (new name), as declared Before The Notary Public at Kolkata, vide an affidavit dated 24/10/2025. Mabel Ranu Gomes (new name) and Ranu Gomes (old name) both are same and one identical person.

Name Change

I, Sk Jahangir (old name) s/o Sheikh Latif residing at 21/8, Alimuddin Street, P.S. - Park Street, Kolkata- 700016, West Bengal shall henceforth be known as Sk Jahangir Latif (new name) as declared before Ld. 1st Class at Kolkata, vide an affidavit dated 23rd day of February, 2021. Sk Jahangir (old name) and Shaikh Jahangir (new name) both are same and one identical person.

INDIA hosts maritime leaders of 42 nations

MI News Service, Chennai: AMET University, India's premier maritime institution recently hosted the 25th Annual General Assembly (AGA25) of the International Association of Maritime Universities (IAMU), marking the first time this prestigious global event has been held in India. Organized in collaboration with IAMU, the six-day event included a four-day International Conference on "Disruptive Technologies and Innovations on Sustainable Maritime Practices," conducted at AMET University, Chennai, and Hotel Radisson Blu, Mamallapuram.

CSR funding shifts beyond metros

MI News Service, Bengaluru: Corporate Social Responsibility (CSR) funding in India is undergoing a decisive geographic shift, with corporate philanthropy steadily moving beyond the metros into India's emerging Tier-2 cities and industrial belts. According to 'CSR's Next Act: How the Coming Decade Will Redefine Corporate Impact', the seventh edition of Sattva Consulting's annual State of CSR in India report, CSR inflows to industrial hubs have grown 120% and to Tier-2 cities by 55% over the past five years, signalling a structural reorientation in India Inc's social investments.

Name Change

I, Bardhana Akhar Dumpi (old name) daughter of Late Akhar Ali, residing at 8 Tanti Bagan Road, P.S.-Beniapukur, Kolkata- 700014, West Bengal, India, have changed my name and shall henceforth be known as Bardana Akhar (new name), as declared Before The Notary Public at Kolkata, vide an affidavit dated 24/10/2025. Bardhana Akhar (new name) and Bardhana Akhar Dumpi (old name) both are same and one identical person.

Name Change

I, Debjani Roy (Dutta) (Old Name), Wife Of Dibyendu Dutta, Residing At P-19, Road No-1 West Panshila, Panihati(M), North 24 Parganas-700112, West Bengal, Have Changed My Name And Shall Henceforth Be Known As Debjani Roy (New Name) Vide An Affidavit Sworn Before The Notary Public At Alipore On 25/10/2025. Debjani Roy(Dutta) And Debjani Roy Both Are The Same And One Identical Person.

Name Change

I, Sahanara Bibi (Old Name), Son Of Abu Salam Sekh, Residing At Lakshmikantapur, Po-Joynagar, Ps-Baruipur, South 24 Parganas-743503, West Bengal, Have Changed My Name And Shall Henceforth Be Known As Sahanara Sekh (New Name) Vide An Affidavit Sworn Before The Notary Public At Kolkata On 28/10/2025. Sahanara Bibi And Sahanara Sekh Both Are The Same And One Identical Person.

Name Change

I, Sangita Mujumdar Ray (Old Name), Wife Of Rajib Majumdar, Residing At 453, Bijoygarh, Kolkata-700032, West Bengal, Have Changed My Name And Shall Henceforth Be Known As Sangita Mojumdar Ray (New Name) Vide An Affidavit Sworn Before The Notary Public At Kolkata On 28/10/2025. Sangita Mujumdar Ray And Sangita Mojumdar Ray Both Are The Same And One Identical Person.

Name Change

I, Sangita Dandapat Maji (old name) W/o Prasanta Dandapat, resident of Vill & P.O.- Salika, P.S.- Kolaghat, Dist.- Purba Medinipur, Pin- 721130, West Bengal, India, have changed my name and shall henceforth be known as Sangita Dandapat (new name), as declared Before The Notary Public at Kolkata, vide an affidavit dated 27/10/2025. Sangita Dandapat (new name) and Sangita Dandapat Maji (old name) both are same and one identical person.

Name Change

I, Bibijan Khatun (old name) Wife Of Sk Mobarak Ali, D/O Sk Hannan, Residing At Khanpara Madhurdangi, Po-Birgadia, Hooghly-712311, West Bengal, Have Changed My Name And Shall Henceforth Be Known As Bibijan Begam(New Name) Vide An Affidavit Sworn Before The Notary Public At Kolkata On 28/10/2025. Bibijan Khatun (Old Name) And Bibijan Begam (New Name) Both Are The Same And One Identical Person.

Name Change

I, Sanjeet Kumar (Old Name), Son Of Narendra Prasad Sah, Residing At 155/14, Mahatama Gandhi Road, Ranjit Park, Joka, Kolkata-700104, West Bengal, Have Changed My Name And Shall Henceforth Be Known As Sanjeet Kumar Sah (New Name) Vide An Affidavit Sworn Before The Notary Public At Kolkata On 24/10/2025. Sanjeet Kumar And Sanjeet Kumar Sah Both Are The Same And One Identical Person.

Name Change

I, Joysena Begum (Old Name), Daughter Of Late Dr Badiar Jaman Molla, Residing At Kanadipur, Champadali, Po-Barasat, North 24 Parganas-743330, West Bengal, Have Changed My Name And Shall Henceforth Be Known As Joysna Molla (New Name) Vide An Affidavit Sworn Before The Notary Public At Kolkata On 24/10/2025. Joysena Begum And Joysna Molla Both Are The Same And One Identical Person.

Name Change

I, Bhaswati Acharyya Chakrabarti (old name) D/o Debi Prasad Chakrabarti, resident of 143/13, Prince Gardens Road, Kolkata- 700029, West Bengal, India, have changed my name and shall henceforth be known as Bhaswati Acharyya (new name), as declared Before The Notary Public at Kolkata, vide an affidavit dated 24/10/2025. Bhaswati Acharyya (new name) and Bhaswati Acharyya Chakrabarti (old name) both are same and one identical person.
